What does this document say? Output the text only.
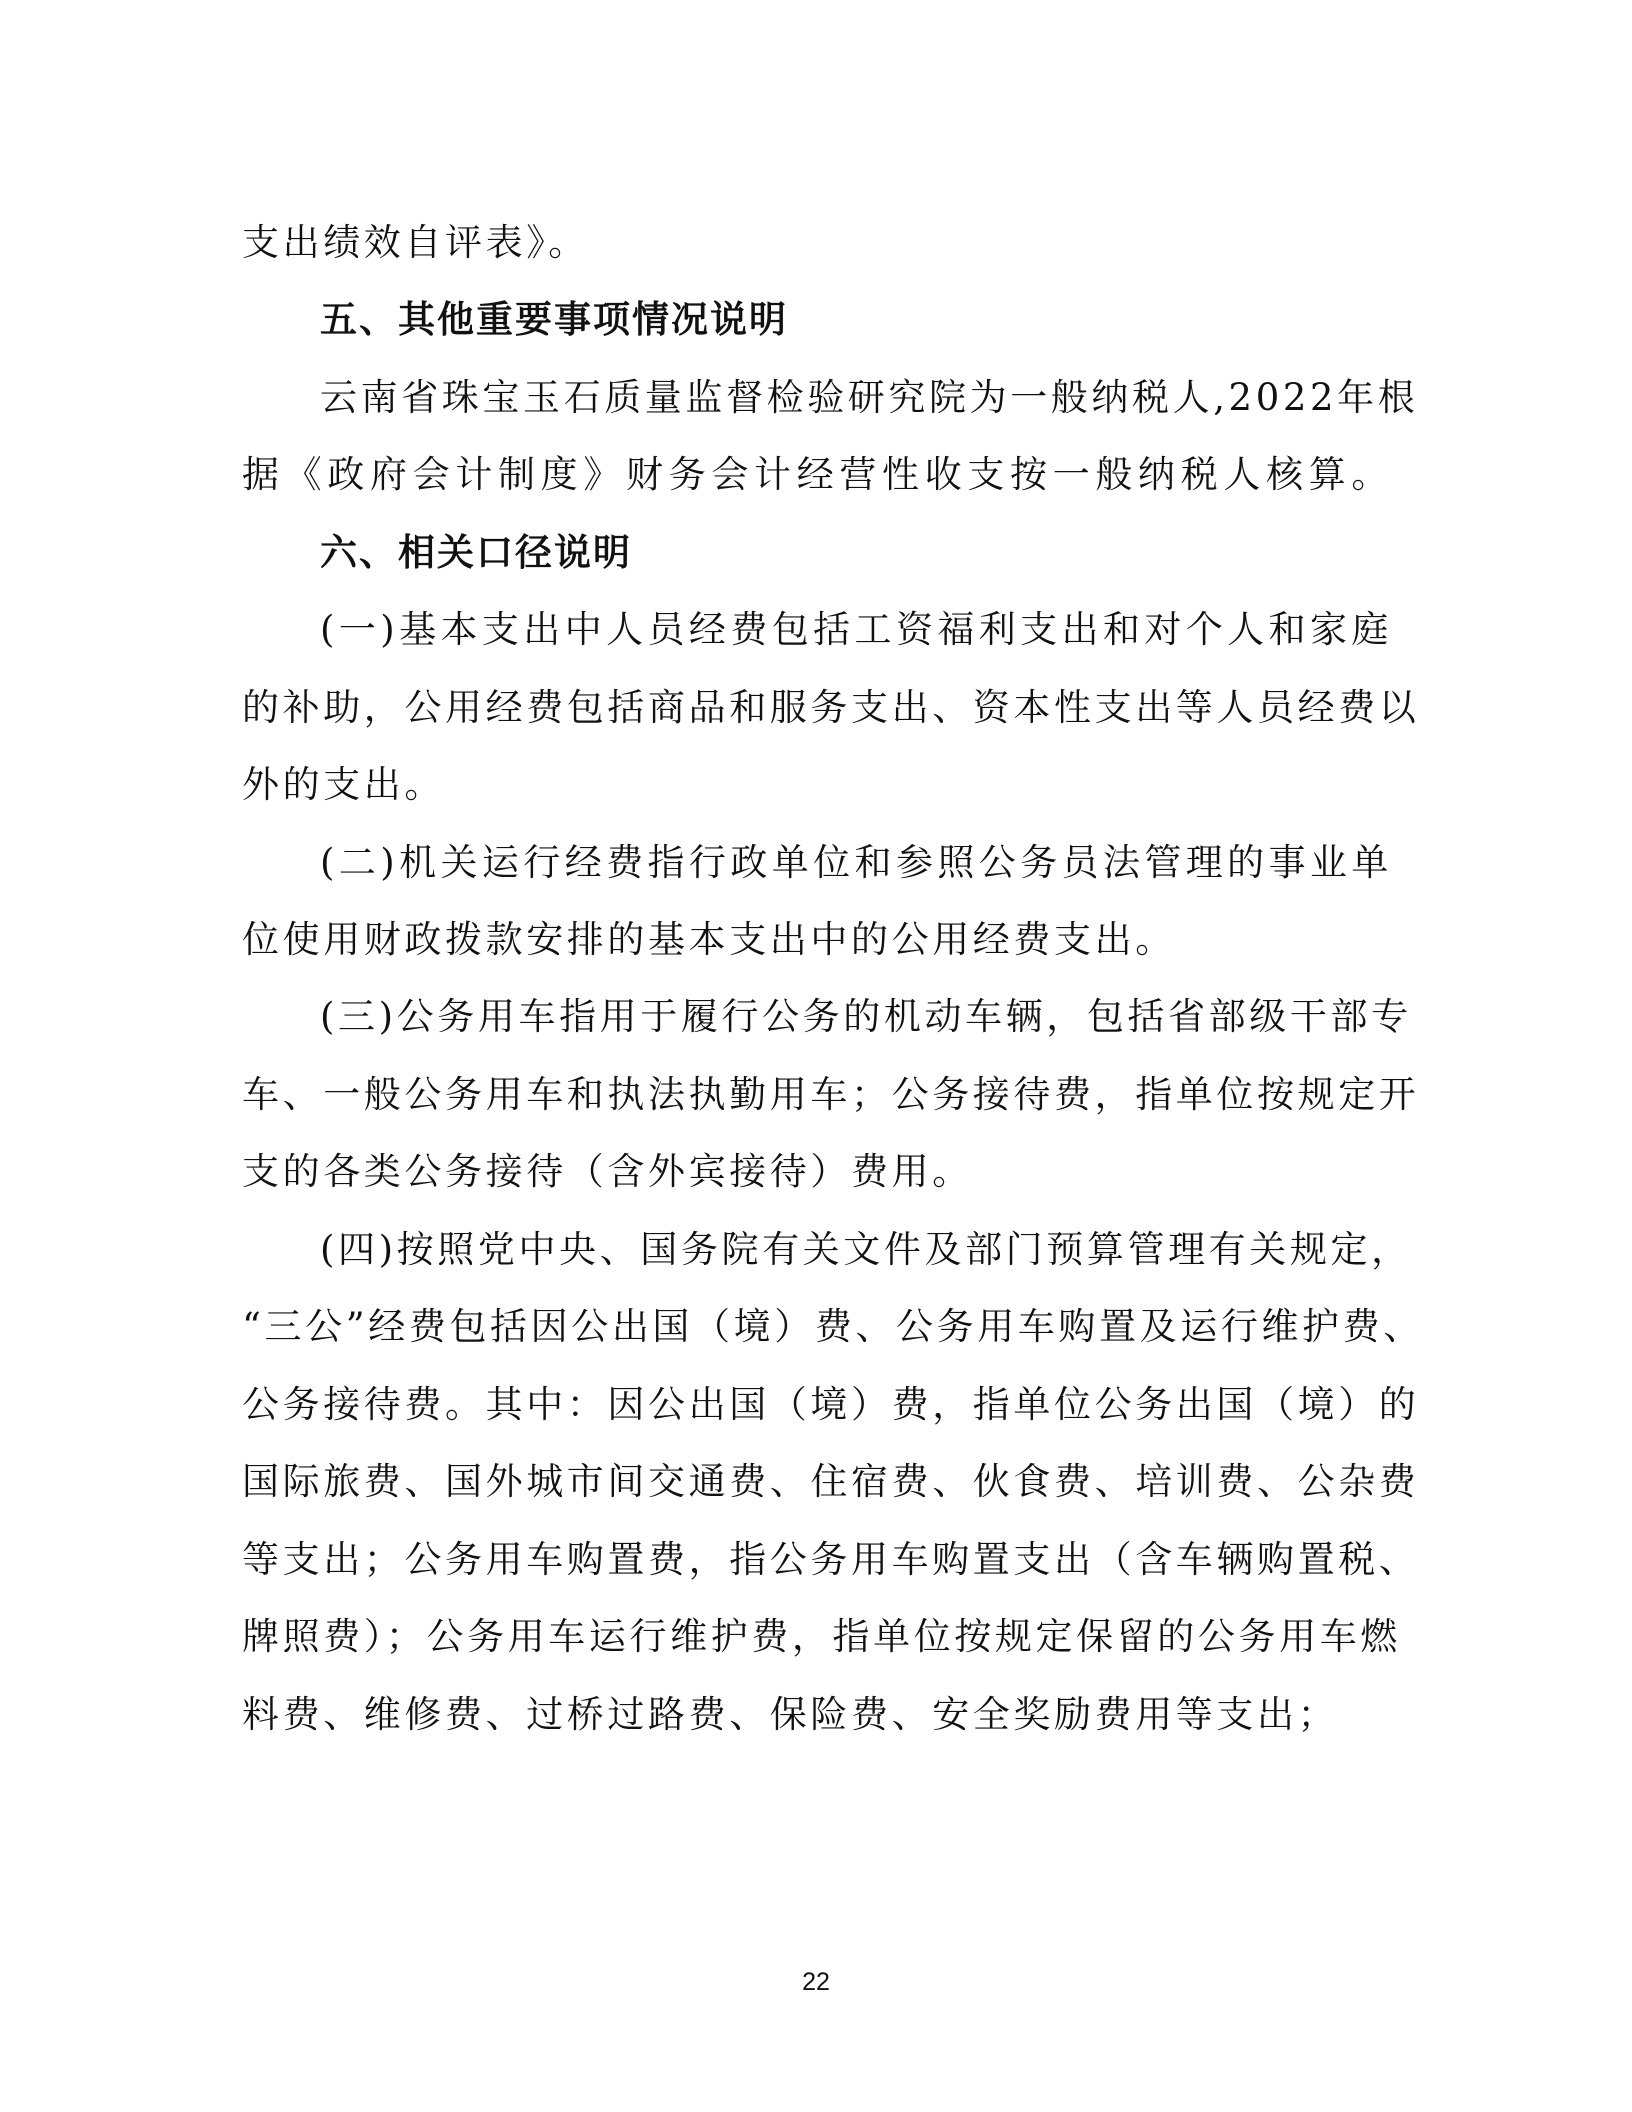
支出绩效自评表》。
五、其他重要事项情况说明
云南省珠宝玉石质量监督检验研究院为一般纳税人,2022年根
据《政府会计制度》财务会计经营性收支按一般纳税人核算。
六、相关口径说明
(一)基本支出中人员经费包括工资福利支出和对个人和家庭
的补助，公用经费包括商品和服务支出、资本性支出等人员经费以
外的支出。
(二)机关运行经费指行政单位和参照公务员法管理的事业单
位使用财政拨款安排的基本支出中的公用经费支出。
(三)公务用车指用于履行公务的机动车辆，包括省部级干部专
车、一般公务用车和执法执勤用车；公务接待费，指单位按规定开
支的各类公务接待（含外宾接待）费用。
(四)按照党中央、国务院有关文件及部门预算管理有关规定，
“三公”经费包括因公出国（境）费、公务用车购置及运行维护费、
公务接待费。其中：因公出国（境）费，指单位公务出国（境）的
国际旅费、国外城市间交通费、住宿费、伙食费、培训费、公杂费
等支出；公务用车购置费，指公务用车购置支出（含车辆购置税、
牌照费）；公务用车运行维护费，指单位按规定保留的公务用车燃
料费、维修费、过桥过路费、保险费、安全奖励费用等支出；
22
